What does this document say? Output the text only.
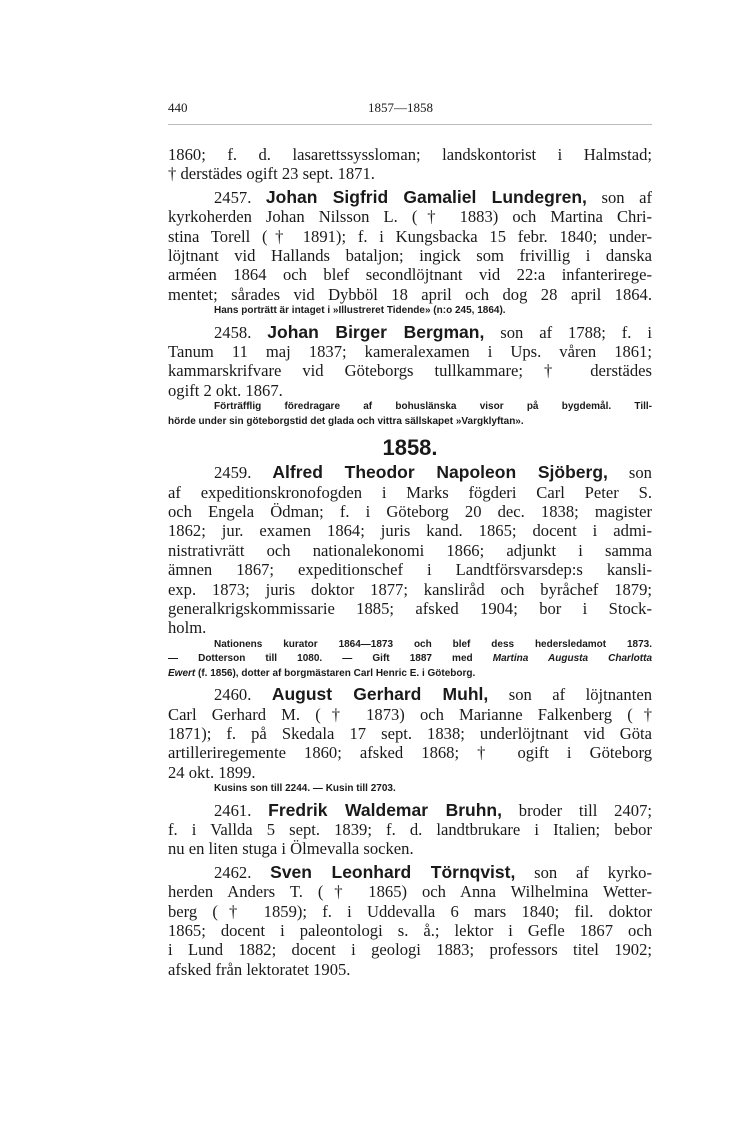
440	1857—1858
1860; f. d. lasarettssyssloman; landskontorist i Halmstad;
† derstädes ogift 23 sept. 1871.
2457. Johan Sigfrid Gamaliel Lundegren, son af
kyrkoherden Johan Nilsson L. († 1883) och Martina Chri-
stina Torell († 1891); f. i Kungsbacka 15 febr. 1840; under-
löjtnant vid Hallands bataljon; ingick som frivillig i danska
arméen 1864 och blef secondlöjtnant vid 22:a infanterirege-
mentet; sårades vid Dybböl 18 april och dog 28 april 1864.
Hans porträtt är intaget i »Illustreret Tidende» (n:o 245, 1864).
2458. Johan Birger Bergman, son af 1788; f. i
Tanum 11 maj 1837; kameralexamen i Ups. våren 1861;
kammarskrifvare vid Göteborgs tullkammare; † derstädes
ogift 2 okt. 1867.
Förträfflig föredragare af bohuslänska visor på bygdemål. Till-
hörde under sin göteborgstid det glada och vittra sällskapet »Vargklyftan».
1858.
2459. Alfred Theodor Napoleon Sjöberg, son
af expeditionskronofogden i Marks fögderi Carl Peter S.
och Engela Ödman; f. i Göteborg 20 dec. 1838; magister
1862; jur. examen 1864; juris kand. 1865; docent i admi-
nistrativrätt och nationalekonomi 1866; adjunkt i samma
ämnen 1867; expeditionschef i Landtförsvarsdep:s kansli-
exp. 1873; juris doktor 1877; kansliråd och byråchef 1879;
generalkrigskommissarie 1885; afsked 1904; bor i Stock-
holm.
Nationens kurator 1864—1873 och blef dess hedersledamot 1873.
— Dotterson till 1080. — Gift 1887 med Martina Augusta Charlotta
Ewert (f. 1856), dotter af borgmästaren Carl Henric E. i Göteborg.
2460. August Gerhard Muhl, son af löjtnanten
Carl Gerhard M. († 1873) och Marianne Falkenberg (†
1871); f. på Skedala 17 sept. 1838; underlöjtnant vid Göta
artilleriregemente 1860; afsked 1868; † ogift i Göteborg
24 okt. 1899.
Kusins son till 2244. — Kusin till 2703.
2461. Fredrik Waldemar Bruhn, broder till 2407;
f. i Vallda 5 sept. 1839; f. d. landtbrukare i Italien; bebor
nu en liten stuga i Ölmevalla socken.
2462. Sven Leonhard Törnqvist, son af kyrko-
herden Anders T. († 1865) och Anna Wilhelmina Wetter-
berg († 1859); f. i Uddevalla 6 mars 1840; fil. doktor
1865; docent i paleontologi s. å.; lektor i Gefle 1867 och
i Lund 1882; docent i geologi 1883; professors titel 1902;
afsked från lektoratet 1905.
